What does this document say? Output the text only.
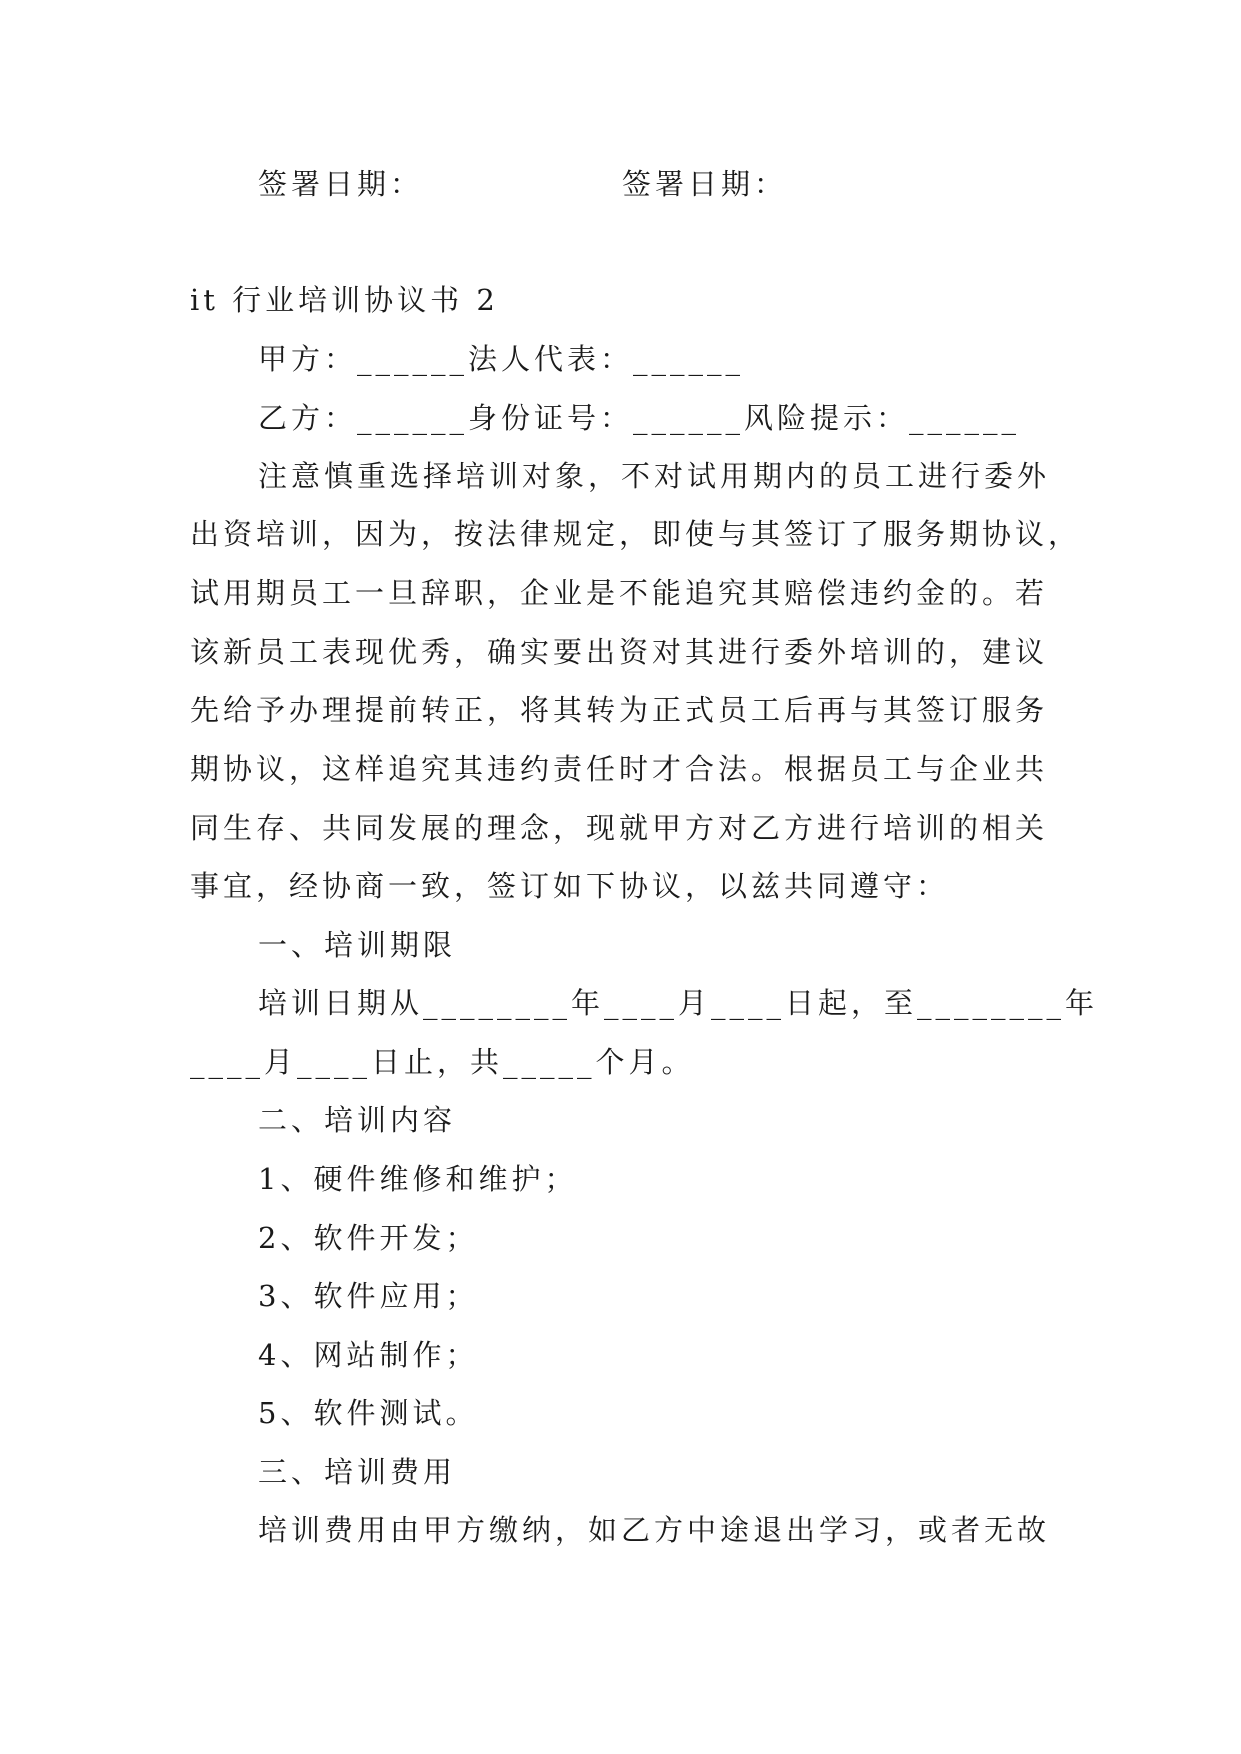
签署日期：	签署日期：

it 行业培训协议书 2

甲方：______法人代表：______

乙方：______身份证号：______风险提示：______

注意慎重选择培训对象，不对试用期内的员工进行委外

出资培训，因为，按法律规定，即使与其签订了服务期协议，

试用期员工一旦辞职，企业是不能追究其赔偿违约金的。若

该新员工表现优秀，确实要出资对其进行委外培训的，建议

先给予办理提前转正，将其转为正式员工后再与其签订服务

期协议，这样追究其违约责任时才合法。根据员工与企业共

同生存、共同发展的理念，现就甲方对乙方进行培训的相关

事宜，经协商一致，签订如下协议，以兹共同遵守：

一、培训期限

培训日期从________年____月____日起，至________年

____月____日止，共_____个月。

二、培训内容

1、硬件维修和维护；

2、软件开发；

3、软件应用；

4、网站制作；

5、软件测试。

三、培训费用

培训费用由甲方缴纳，如乙方中途退出学习，或者无故
